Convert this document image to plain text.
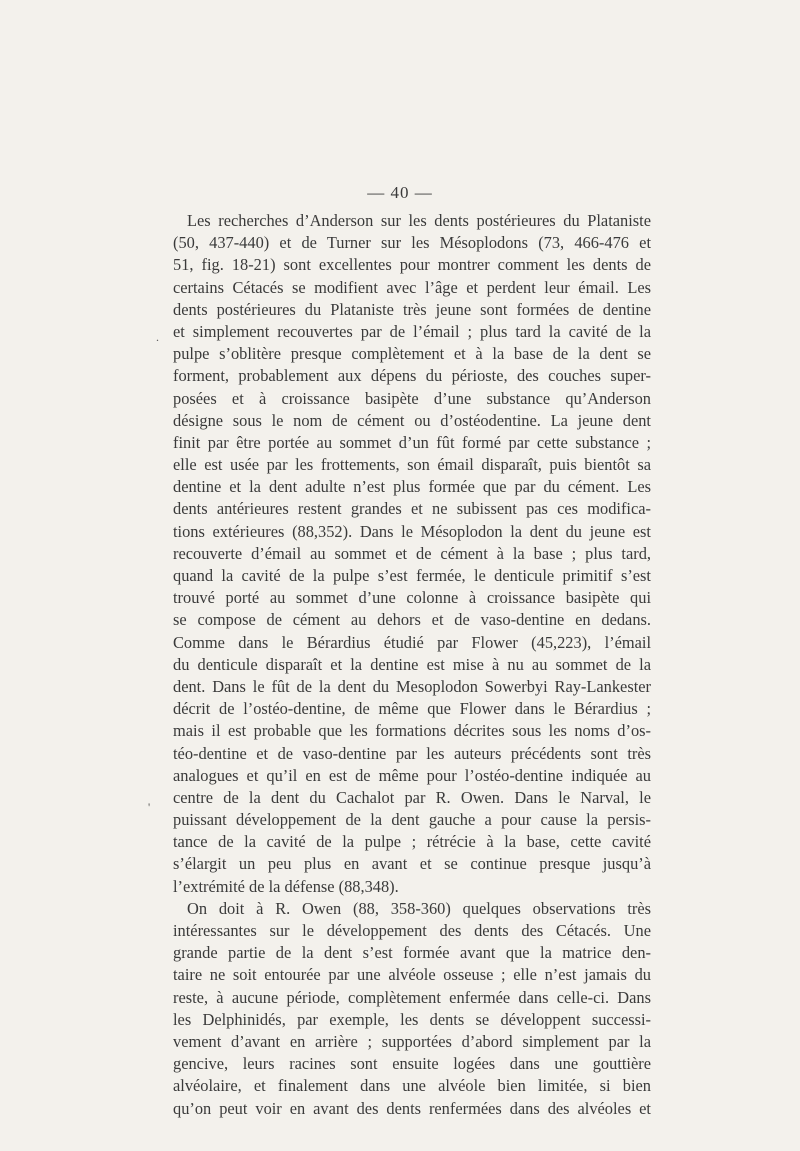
— 40 —
.
'
Les recherches d’Anderson sur les dents postérieures du Plataniste
(50, 437-440) et de Turner sur les Mésoplodons (73, 466-476 et
51, fig. 18-21) sont excellentes pour montrer comment les dents de
certains Cétacés se modifient avec l’âge et perdent leur émail. Les
dents postérieures du Plataniste très jeune sont formées de dentine
et simplement recouvertes par de l’émail ; plus tard la cavité de la
pulpe s’oblitère presque complètement et à la base de la dent se
forment, probablement aux dépens du périoste, des couches super-
posées et à croissance basipète d’une substance qu’Anderson
désigne sous le nom de cément ou d’ostéodentine. La jeune dent
finit par être portée au sommet d’un fût formé par cette substance ;
elle est usée par les frottements, son émail disparaît, puis bientôt sa
dentine et la dent adulte n’est plus formée que par du cément. Les
dents antérieures restent grandes et ne subissent pas ces modifica-
tions extérieures (88,352). Dans le Mésoplodon la dent du jeune est
recouverte d’émail au sommet et de cément à la base ; plus tard,
quand la cavité de la pulpe s’est fermée, le denticule primitif s’est
trouvé porté au sommet d’une colonne à croissance basipète qui
se compose de cément au dehors et de vaso-dentine en dedans.
Comme dans le Bérardius étudié par Flower (45,223), l’émail
du denticule disparaît et la dentine est mise à nu au sommet de la
dent. Dans le fût de la dent du Mesoplodon Sowerbyi Ray-Lankester
décrit de l’ostéo-dentine, de même que Flower dans le Bérardius ;
mais il est probable que les formations décrites sous les noms d’os-
téo-dentine et de vaso-dentine par les auteurs précédents sont très
analogues et qu’il en est de même pour l’ostéo-dentine indiquée au
centre de la dent du Cachalot par R. Owen. Dans le Narval, le
puissant développement de la dent gauche a pour cause la persis-
tance de la cavité de la pulpe ; rétrécie à la base, cette cavité
s’élargit un peu plus en avant et se continue presque jusqu’à
l’extrémité de la défense (88,348).
On doit à R. Owen (88, 358-360) quelques observations très
intéressantes sur le développement des dents des Cétacés. Une
grande partie de la dent s’est formée avant que la matrice den-
taire ne soit entourée par une alvéole osseuse ; elle n’est jamais du
reste, à aucune période, complètement enfermée dans celle-ci. Dans
les Delphinidés, par exemple, les dents se développent successi-
vement d’avant en arrière ; supportées d’abord simplement par la
gencive, leurs racines sont ensuite logées dans une gouttière
alvéolaire, et finalement dans une alvéole bien limitée, si bien
qu’on peut voir en avant des dents renfermées dans des alvéoles et
